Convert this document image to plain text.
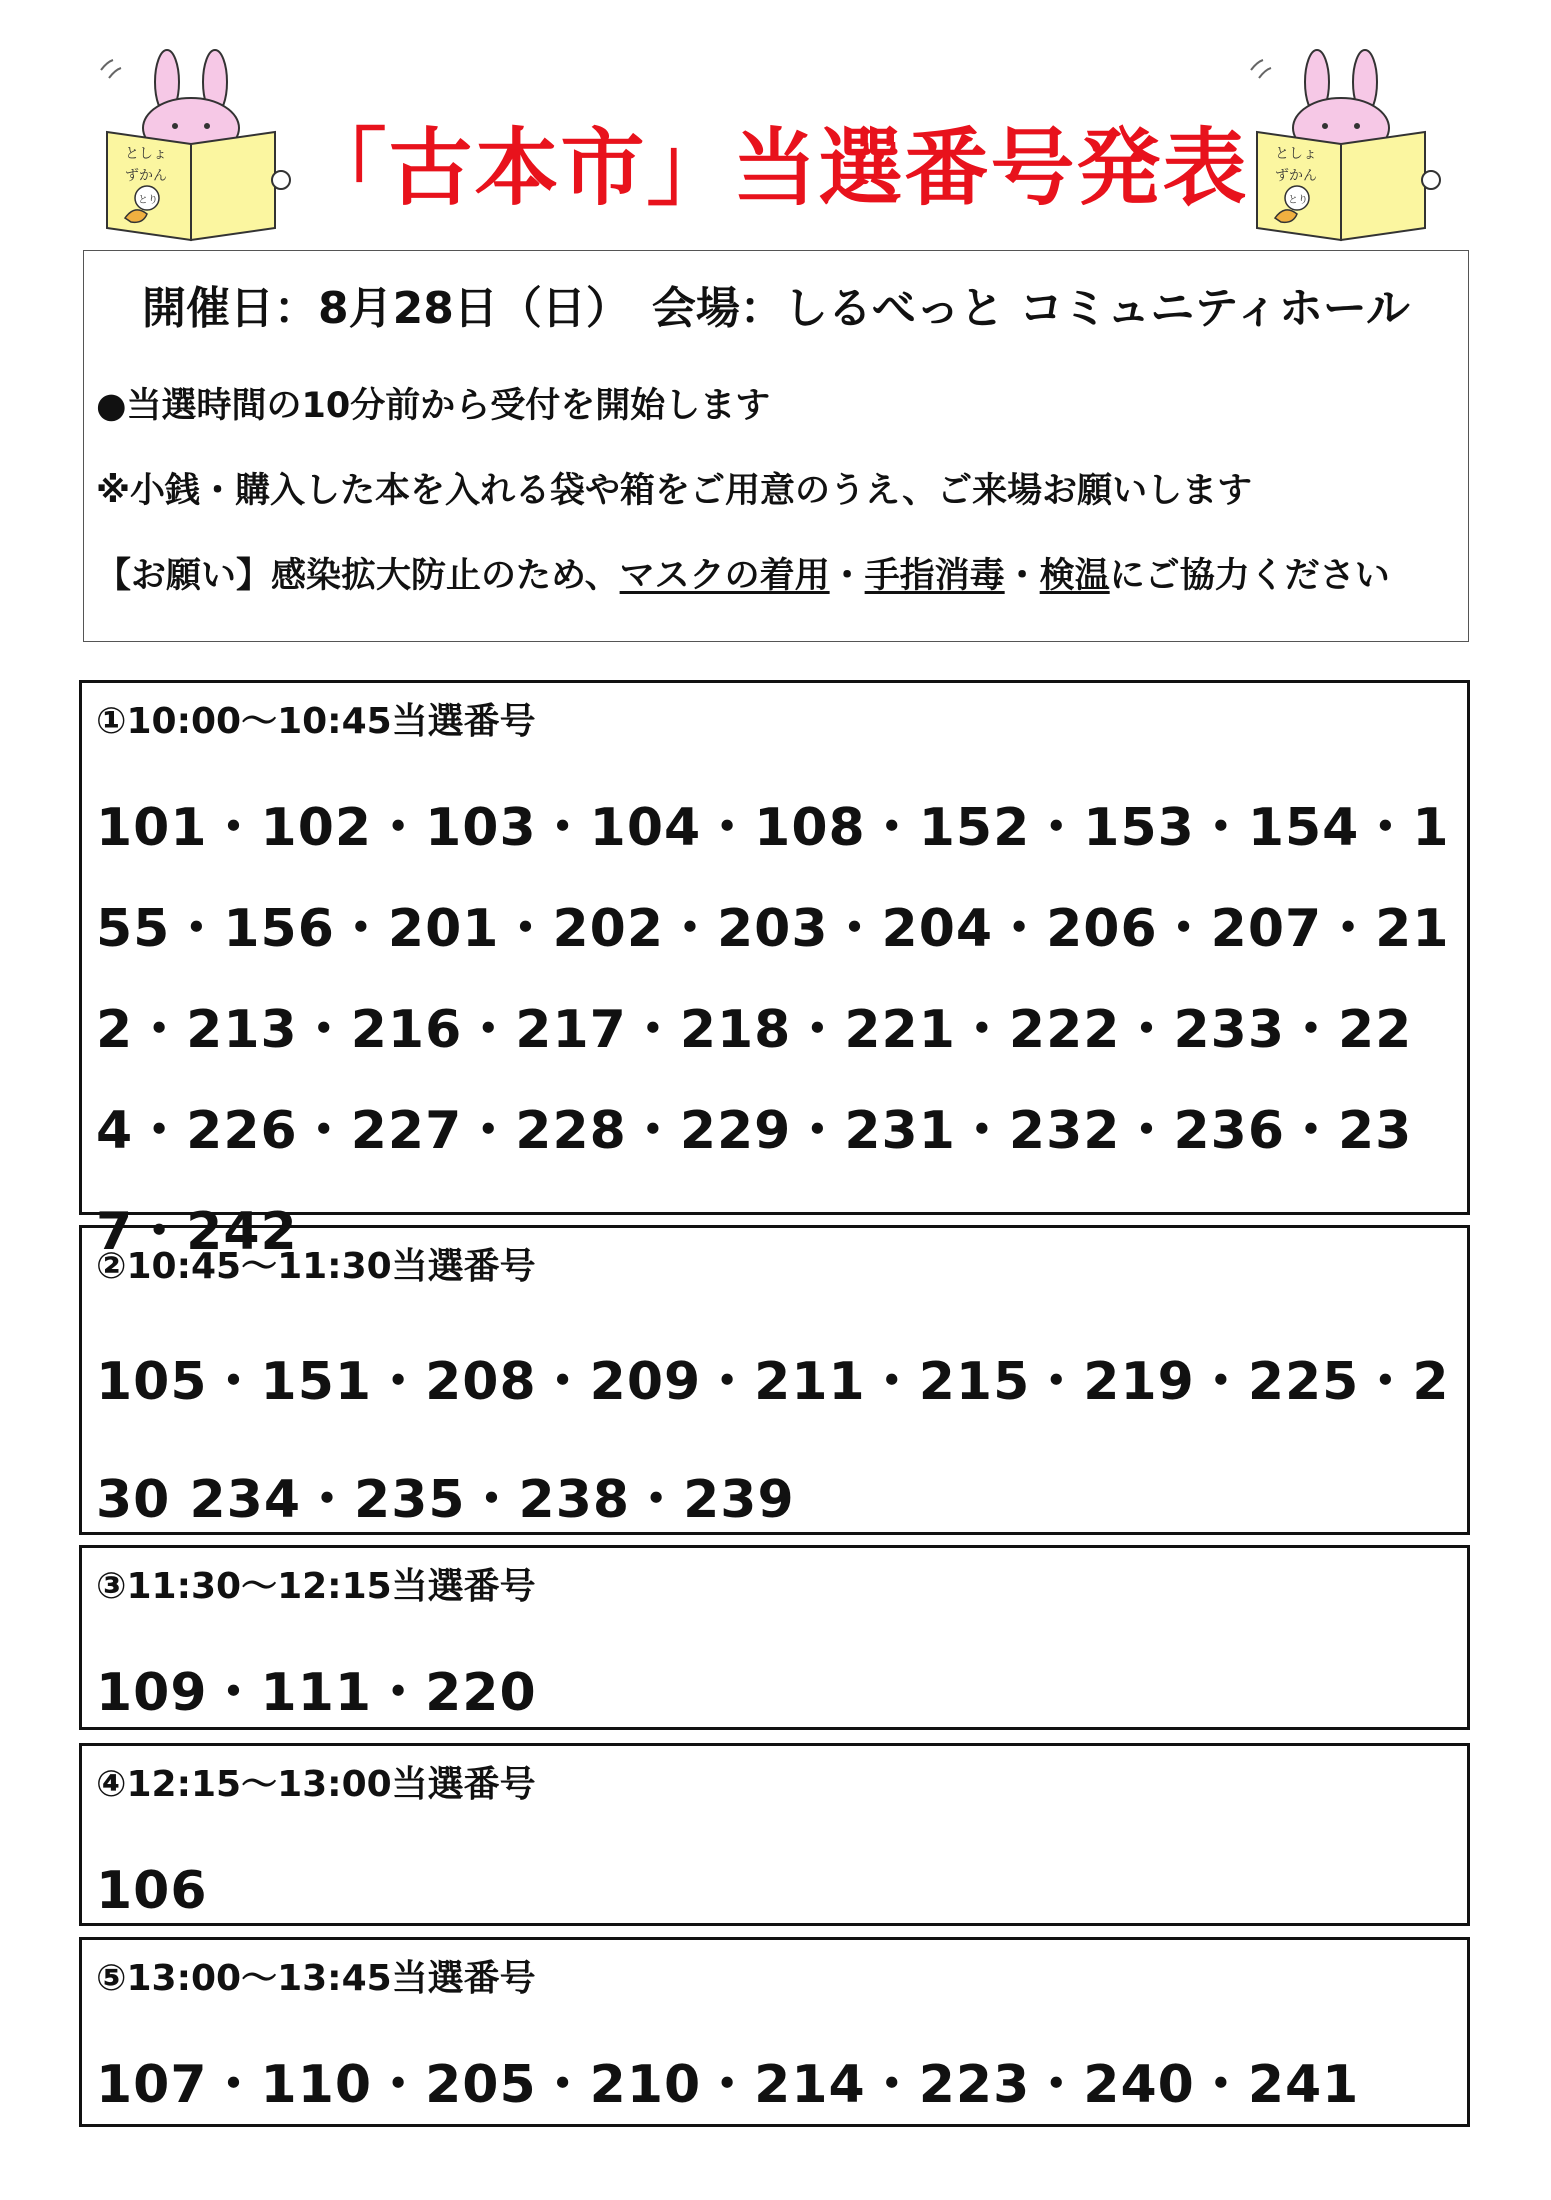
としょ
ずかん
とり
としょ
ずかん
とり
「古本市」当選番号発表
開催日：8月28日（日）　会場：しるべっと コミュニティホール
●当選時間の10分前から受付を開始します
※小銭・購入した本を入れる袋や箱をご用意のうえ、ご来場お願いします
【お願い】感染拡大防止のため、マスクの着用・手指消毒・検温にご協力ください
①10:00～10:45当選番号
101・102・103・104・108・152・153・154・155・156・201・202・203・204・206・207・212・213・216・217・218・221・222・233・224・226・227・228・229・231・232・236・237・242
②10:45～11:30当選番号
105・151・208・209・211・215・219・225・230 234・235・238・239
③11:30～12:15当選番号
109・111・220
④12:15～13:00当選番号
106
⑤13:00～13:45当選番号
107・110・205・210・214・223・240・241
